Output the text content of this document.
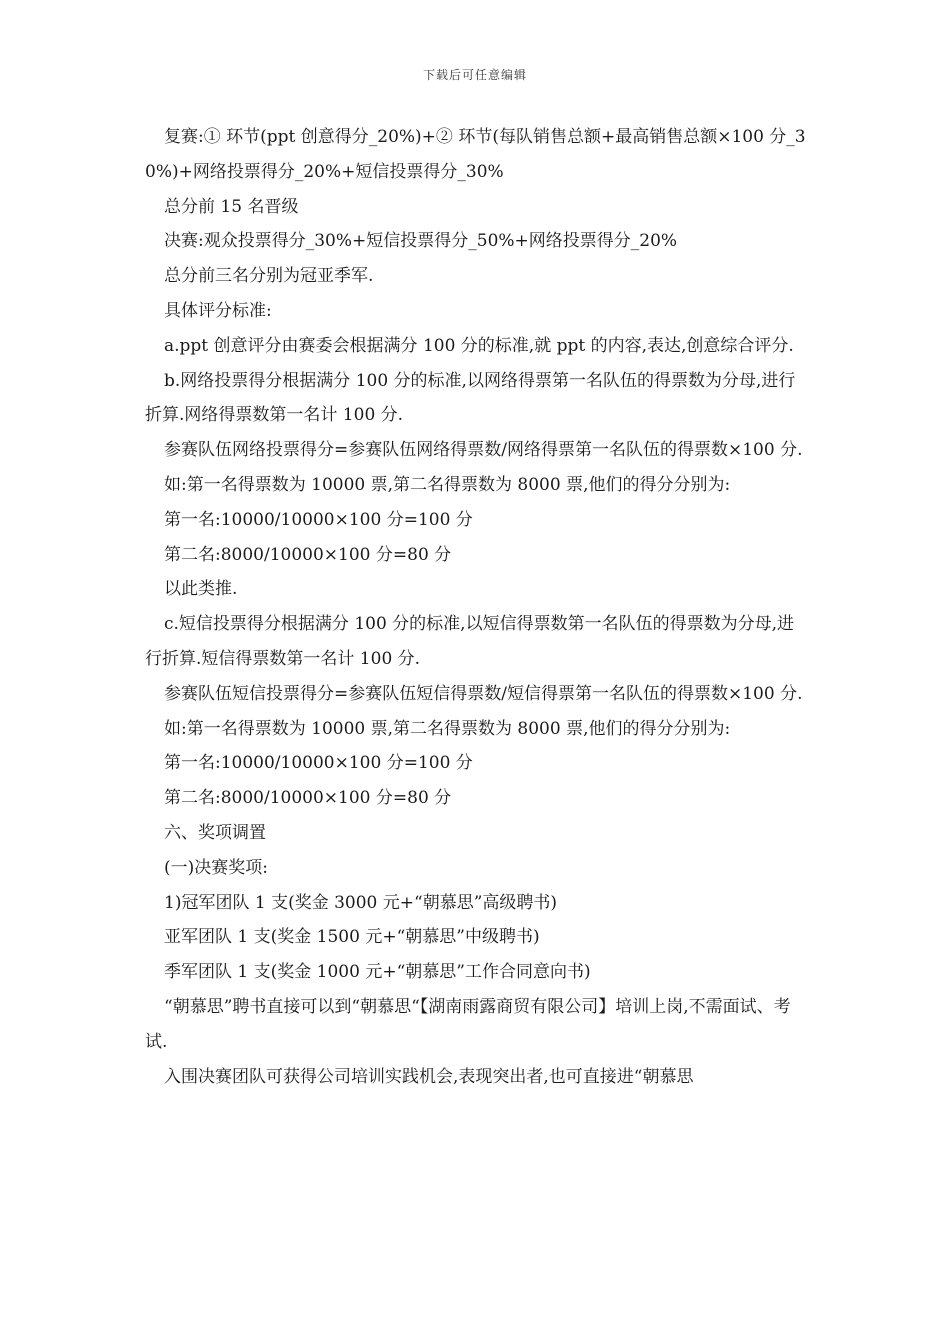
下载后可任意编辑

复赛:① 环节(ppt 创意得分_20%)+② 环节(每队销售总额+最高销售总额×100 分_30%)+网络投票得分_20%+短信投票得分_30%

总分前 15 名晋级

决赛:观众投票得分_30%+短信投票得分_50%+网络投票得分_20%

总分前三名分别为冠亚季军.

具体评分标准:

a.ppt 创意评分由赛委会根据满分 100 分的标准,就 ppt 的内容,表达,创意综合评分.

b.网络投票得分根据满分 100 分的标准,以网络得票第一名队伍的得票数为分母,进行折算.网络得票数第一名计 100 分.

参赛队伍网络投票得分=参赛队伍网络得票数/网络得票第一名队伍的得票数×100 分.

如:第一名得票数为 10000 票,第二名得票数为 8000 票,他们的得分分别为:

第一名:10000/10000×100 分=100 分

第二名:8000/10000×100 分=80 分

以此类推.

c.短信投票得分根据满分 100 分的标准,以短信得票数第一名队伍的得票数为分母,进行折算.短信得票数第一名计 100 分.

参赛队伍短信投票得分=参赛队伍短信得票数/短信得票第一名队伍的得票数×100 分.

如:第一名得票数为 10000 票,第二名得票数为 8000 票,他们的得分分别为:

第一名:10000/10000×100 分=100 分

第二名:8000/10000×100 分=80 分

六、奖项调置

(一)决赛奖项:

1)冠军团队 1 支(奖金 3000 元+“朝慕思”高级聘书)

亚军团队 1 支(奖金 1500 元+“朝慕思”中级聘书)

季军团队 1 支(奖金 1000 元+“朝慕思”工作合同意向书)

“朝慕思”聘书直接可以到“朝慕思“【湖南雨露商贸有限公司】培训上岗,不需面试、考试.

入围决赛团队可获得公司培训实践机会,表现突出者,也可直接进“朝慕思
